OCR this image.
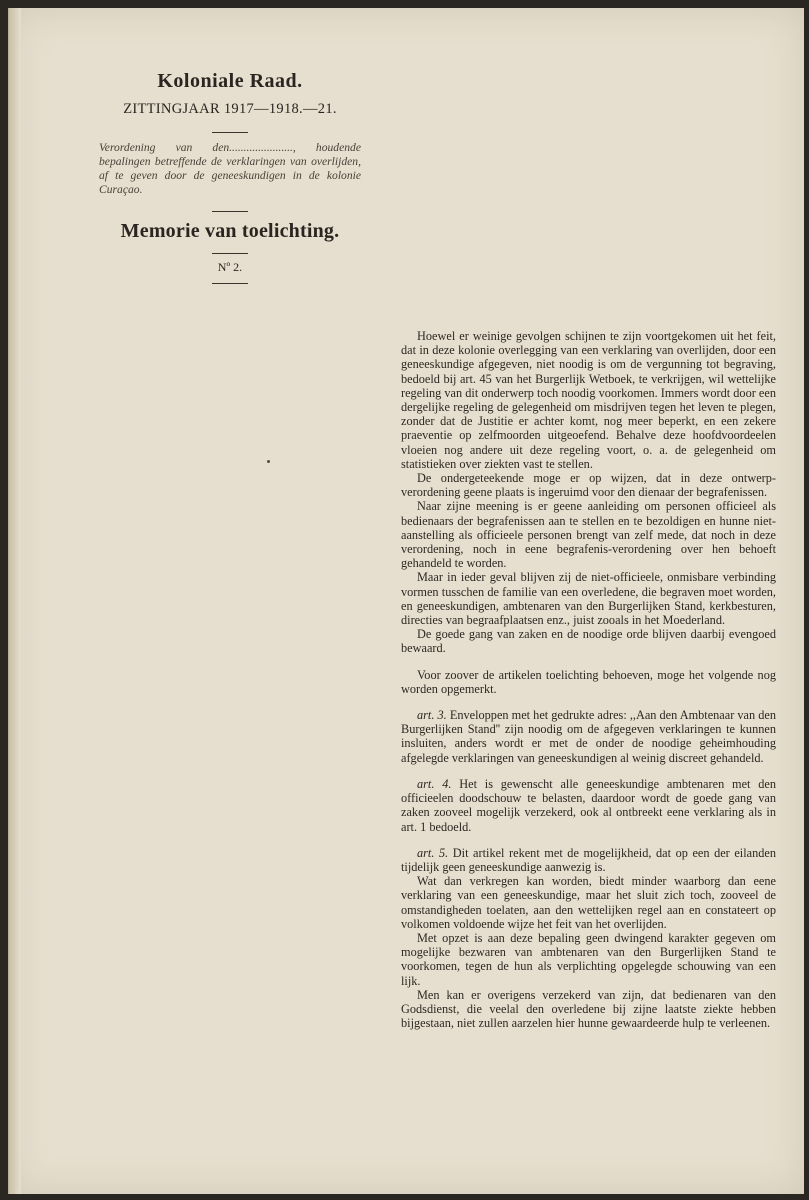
Koloniale Raad.
ZITTINGJAAR 1917—1918.—21.

Verordening van den......................, houdende bepalingen betreffende de verklaringen van overlijden, af te geven door de geneeskundigen in de kolonie Curaçao.

Memorie van toelichting.
Nº 2.

Hoewel er weinige gevolgen schijnen te zijn voortgekomen uit het feit, dat in deze kolonie overlegging van een verklaring van overlijden, door een geneeskundige afgegeven, niet noodig is om de vergunning tot begraving, bedoeld bij art. 45 van het Burgerlijk Wetboek, te verkrijgen, wil wettelijke regeling van dit onderwerp toch noodig voorkomen. Immers wordt door een dergelijke regeling de gelegenheid om misdrijven tegen het leven te plegen, zonder dat de Justitie er achter komt, nog meer beperkt, en een zekere praeventie op zelfmoorden uitgeoefend. Behalve deze hoofdvoordeelen vloeien nog andere uit deze regeling voort, o. a. de gelegenheid om statistieken over ziekten vast te stellen.

De ondergeteekende moge er op wijzen, dat in deze ontwerp-verordening geene plaats is ingeruimd voor den dienaar der begrafenissen.

Naar zijne meening is er geene aanleiding om personen officieel als bedienaars der begrafenissen aan te stellen en te bezoldigen en hunne niet-aanstelling als officieele personen brengt van zelf mede, dat noch in deze verordening, noch in eene begrafenis-verordening over hen behoeft gehandeld te worden.

Maar in ieder geval blijven zij de niet-officieele, onmisbare verbinding vormen tusschen de familie van een overledene, die begraven moet worden, en geneeskundigen, ambtenaren van den Burgerlijken Stand, kerkbesturen, directies van begraafplaatsen enz., juist zooals in het Moederland.

De goede gang van zaken en de noodige orde blijven daarbij evengoed bewaard.

Voor zoover de artikelen toelichting behoeven, moge het volgende nog worden opgemerkt.

art. 3. Enveloppen met het gedrukte adres: ,,Aan den Ambtenaar van den Burgerlijken Stand'' zijn noodig om de afgegeven verklaringen te kunnen insluiten, anders wordt er met de onder de noodige geheimhouding afgelegde verklaringen van geneeskundigen al weinig discreet gehandeld.

art. 4. Het is gewenscht alle geneeskundige ambtenaren met den officieelen doodschouw te belasten, daardoor wordt de goede gang van zaken zooveel mogelijk verzekerd, ook al ontbreekt eene verklaring als in art. 1 bedoeld.

art. 5. Dit artikel rekent met de mogelijkheid, dat op een der eilanden tijdelijk geen geneeskundige aanwezig is.

Wat dan verkregen kan worden, biedt minder waarborg dan eene verklaring van een geneeskundige, maar het sluit zich toch, zooveel de omstandigheden toelaten, aan den wettelijken regel aan en constateert op volkomen voldoende wijze het feit van het overlijden.

Met opzet is aan deze bepaling geen dwingend karakter gegeven om mogelijke bezwaren van ambtenaren van den Burgerlijken Stand te voorkomen, tegen de hun als verplichting opgelegde schouwing van een lijk.

Men kan er overigens verzekerd van zijn, dat bedienaren van den Godsdienst, die veelal den overledene bij zijne laatste ziekte hebben bijgestaan, niet zullen aarzelen hier hunne gewaardeerde hulp te verleenen.
